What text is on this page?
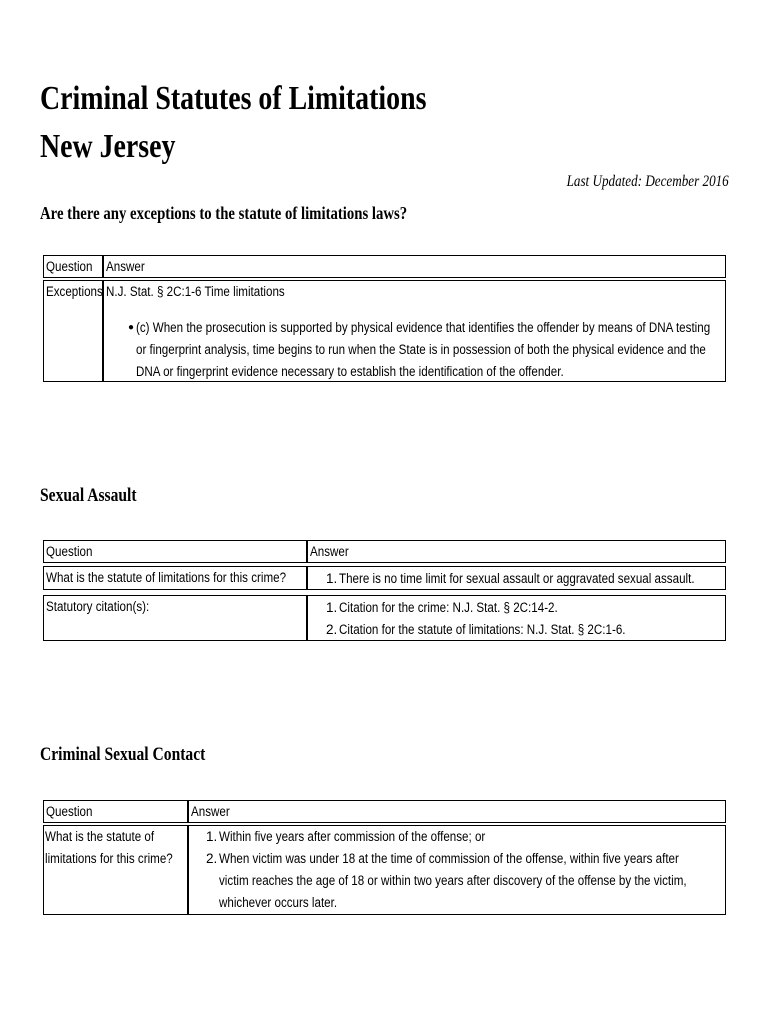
Criminal Statutes of Limitations
New Jersey
Last Updated: December 2016
Are there any exceptions to the statute of limitations laws?
Question	Answer
Exceptions N.J. Stat. § 2C:1-6 Time limitations
● (c) When the prosecution is supported by physical evidence that identifies the offender by means of DNA testing
or fingerprint analysis, time begins to run when the State is in possession of both the physical evidence and the
DNA or fingerprint evidence necessary to establish the identification of the offender.
Sexual Assault
Question	Answer
What is the statute of limitations for this crime?	1. There is no time limit for sexual assault or aggravated sexual assault.
Statutory citation(s):	1. Citation for the crime: N.J. Stat. § 2C:14-2.
2. Citation for the statute of limitations: N.J. Stat. § 2C:1-6.
Criminal Sexual Contact
Question	Answer
What is the statute of
limitations for this crime?
1. Within five years after commission of the offense; or
2. When victim was under 18 at the time of commission of the offense, within five years after
victim reaches the age of 18 or within two years after discovery of the offense by the victim,
whichever occurs later.
